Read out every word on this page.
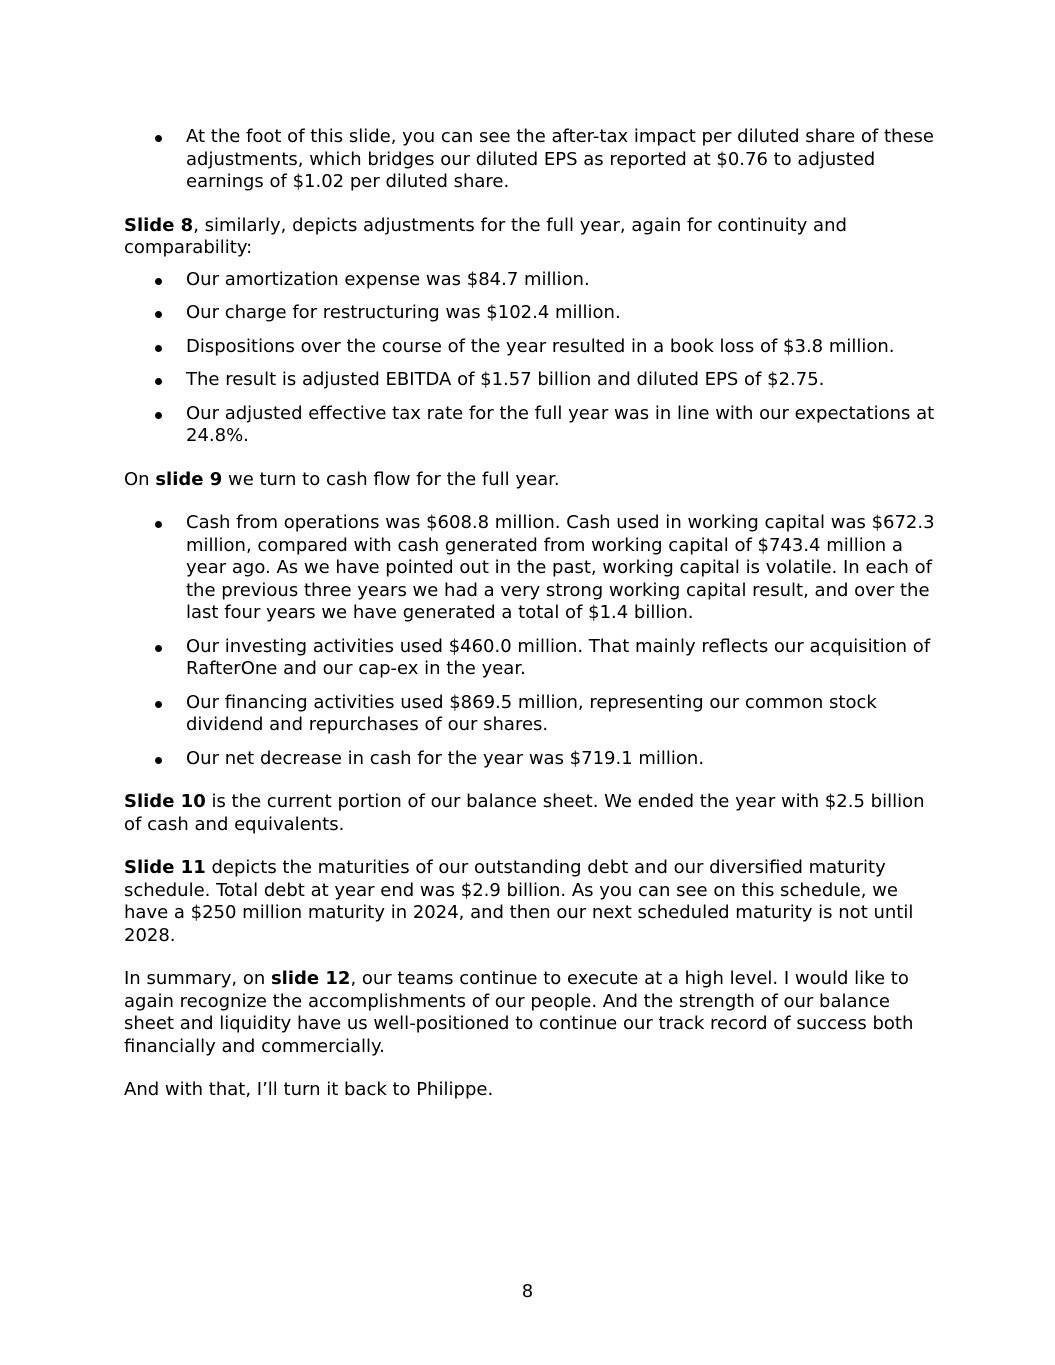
At the foot of this slide, you can see the after-tax impact per diluted share of these adjustments, which bridges our diluted EPS as reported at $0.76 to adjusted earnings of $1.02 per diluted share.

Slide 8, similarly, depicts adjustments for the full year, again for continuity and comparability:

Our amortization expense was $84.7 million.
Our charge for restructuring was $102.4 million.
Dispositions over the course of the year resulted in a book loss of $3.8 million.
The result is adjusted EBITDA of $1.57 billion and diluted EPS of $2.75.
Our adjusted effective tax rate for the full year was in line with our expectations at 24.8%.

On slide 9 we turn to cash flow for the full year.

Cash from operations was $608.8 million. Cash used in working capital was $672.3 million, compared with cash generated from working capital of $743.4 million a year ago. As we have pointed out in the past, working capital is volatile. In each of the previous three years we had a very strong working capital result, and over the last four years we have generated a total of $1.4 billion.
Our investing activities used $460.0 million. That mainly reflects our acquisition of RafterOne and our cap-ex in the year.
Our financing activities used $869.5 million, representing our common stock dividend and repurchases of our shares.
Our net decrease in cash for the year was $719.1 million.

Slide 10 is the current portion of our balance sheet. We ended the year with $2.5 billion of cash and equivalents.

Slide 11 depicts the maturities of our outstanding debt and our diversified maturity schedule. Total debt at year end was $2.9 billion. As you can see on this schedule, we have a $250 million maturity in 2024, and then our next scheduled maturity is not until 2028.

In summary, on slide 12, our teams continue to execute at a high level. I would like to again recognize the accomplishments of our people. And the strength of our balance sheet and liquidity have us well-positioned to continue our track record of success both financially and commercially.

And with that, I’ll turn it back to Philippe.

8
